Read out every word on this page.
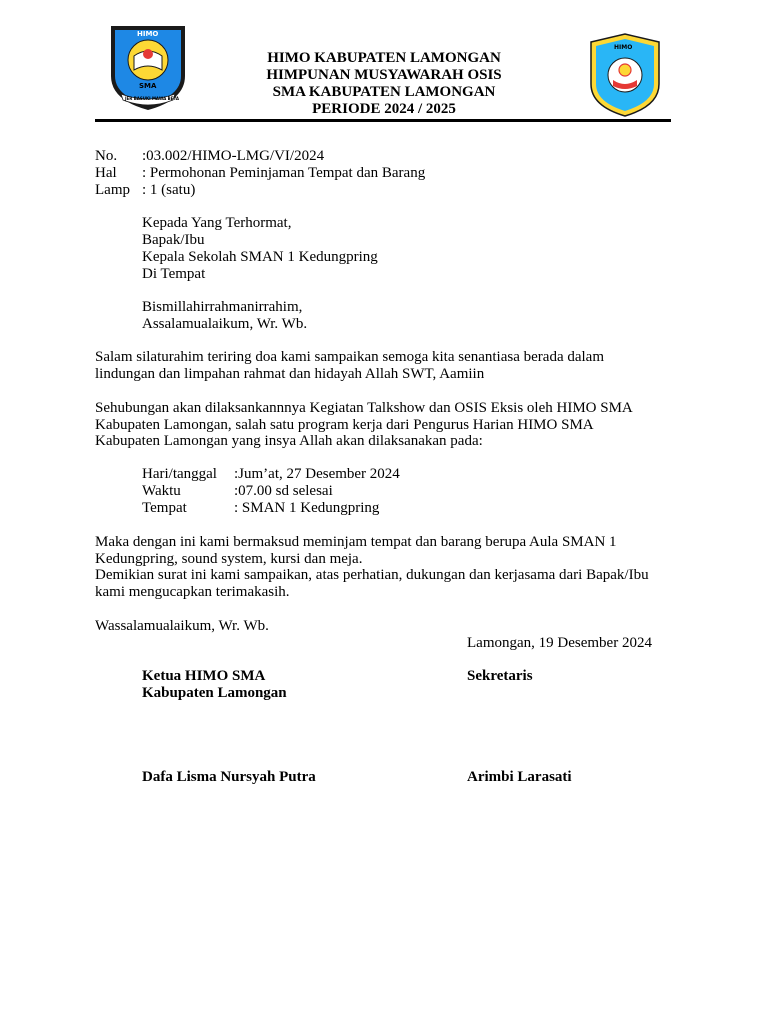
HIMO
SMA
JER BASUKI MAWA BEYA
HIMO KABUPATEN LAMONGAN
HIMPUNAN MUSYAWARAH OSIS
SMA KABUPATEN LAMONGAN
PERIODE 2024 / 2025
HIMO
No. :03.002/HIMO-LMG/VI/2024
Hal : Permohonan Peminjaman Tempat dan Barang
Lamp : 1 (satu)
Kepada Yang Terhormat,
Bapak/Ibu
Kepala Sekolah SMAN 1 Kedungpring
Di Tempat
Bismillahirrahmanirrahim,
Assalamualaikum, Wr. Wb.
Salam silaturahim teriring doa kami sampaikan semoga kita senantiasa berada dalam
lindungan dan limpahan rahmat dan hidayah Allah SWT, Aamiin
Sehubungan akan dilaksankannnya Kegiatan Talkshow dan OSIS Eksis oleh HIMO SMA
Kabupaten Lamongan, salah satu program kerja dari Pengurus Harian HIMO SMA
Kabupaten Lamongan yang insya Allah akan dilaksanakan pada:
Hari/tanggal :Jum’at, 27 Desember 2024
Waktu	:07.00 sd selesai
Tempat	: SMAN 1 Kedungpring
Maka dengan ini kami bermaksud meminjam tempat dan barang berupa Aula SMAN 1
Kedungpring, sound system, kursi dan meja.
Demikian surat ini kami sampaikan, atas perhatian, dukungan dan kerjasama dari Bapak/Ibu
kami mengucapkan terimakasih.
Wassalamualaikum, Wr. Wb.
Lamongan, 19 Desember 2024
Ketua HIMO SMA
Kabupaten Lamongan
Sekretaris
Dafa Lisma Nursyah Putra	Arimbi Larasati
